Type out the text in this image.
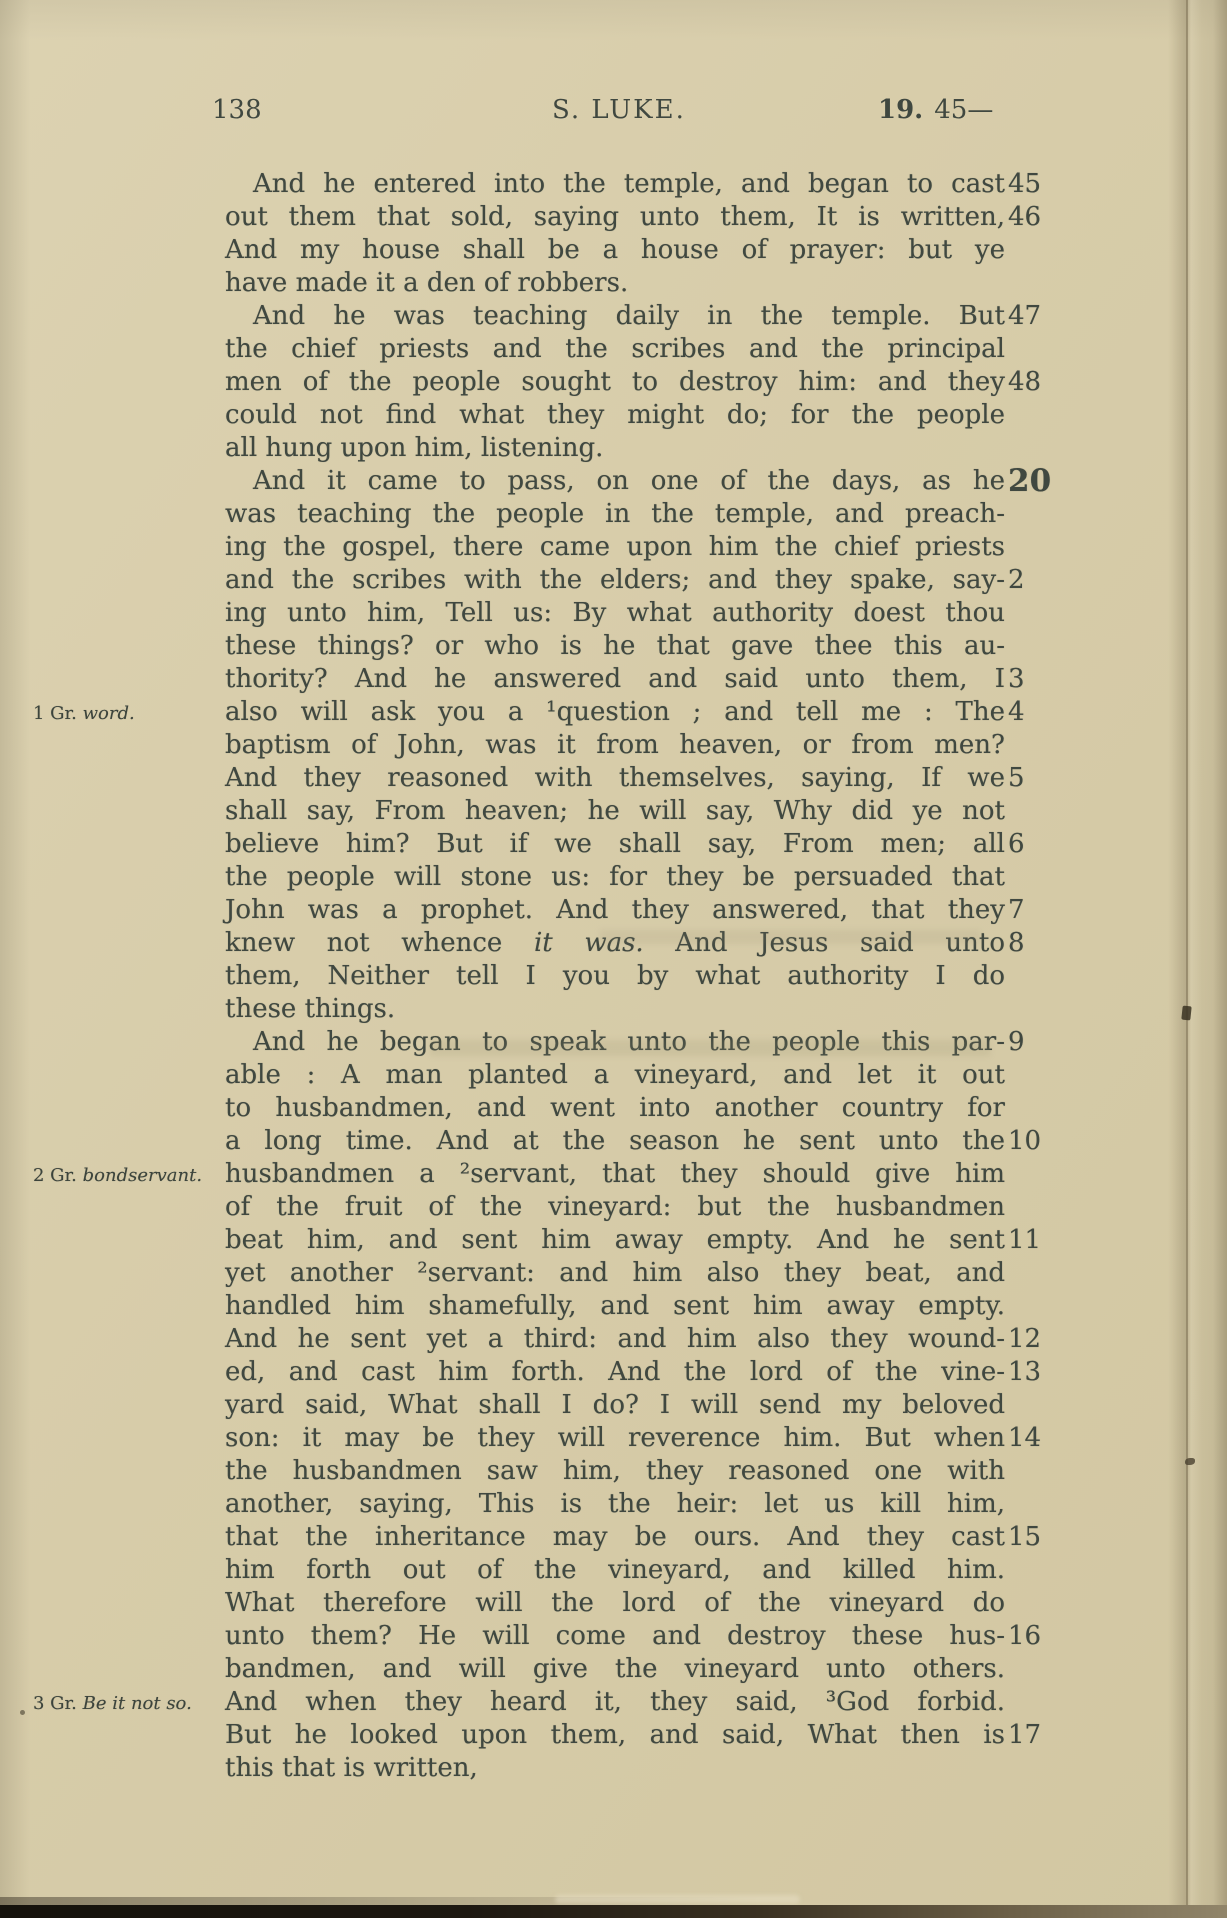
138	S. LUKE.	19. 45—
And he entered into the temple, and began to cast 45
out them that sold, saying unto them, It is written, 46
And my house shall be a house of prayer: but ye
have made it a den of robbers.
And he was teaching daily in the temple. But 47
the chief priests and the scribes and the principal
men of the people sought to destroy him: and they 48
could not find what they might do; for the people
all hung upon him, listening.
And it came to pass, on one of the days, as he 20
was teaching the people in the temple, and preach-
ing the gospel, there came upon him the chief priests
and the scribes with the elders; and they spake, say- 2
ing unto him, Tell us: By what authority doest thou
these things? or who is he that gave thee this au-
thority? And he answered and said unto them, I 3
also will ask you a ¹question ; and tell me : The 4
baptism of John, was it from heaven, or from men?
And they reasoned with themselves, saying, If we 5
shall say, From heaven; he will say, Why did ye not
believe him? But if we shall say, From men; all 6
the people will stone us: for they be persuaded that
John was a prophet. And they answered, that they 7
knew not whence it was. And Jesus said unto 8
them, Neither tell I you by what authority I do
these things.
And he began to speak unto the people this par- 9
able : A man planted a vineyard, and let it out
to husbandmen, and went into another country for
a long time. And at the season he sent unto the 10
husbandmen a ²servant, that they should give him
of the fruit of the vineyard: but the husbandmen
beat him, and sent him away empty. And he sent 11
yet another ²servant: and him also they beat, and
handled him shamefully, and sent him away empty.
And he sent yet a third: and him also they wound- 12
ed, and cast him forth. And the lord of the vine- 13
yard said, What shall I do? I will send my beloved
son: it may be they will reverence him. But when 14
the husbandmen saw him, they reasoned one with
another, saying, This is the heir: let us kill him,
that the inheritance may be ours. And they cast 15
him forth out of the vineyard, and killed him.
What therefore will the lord of the vineyard do
unto them? He will come and destroy these hus- 16
bandmen, and will give the vineyard unto others.
And when they heard it, they said, ³God forbid.
But he looked upon them, and said, What then is 17
this that is written,
1 Gr. word.
2 Gr. bondservant.
3 Gr. Be it not so.
